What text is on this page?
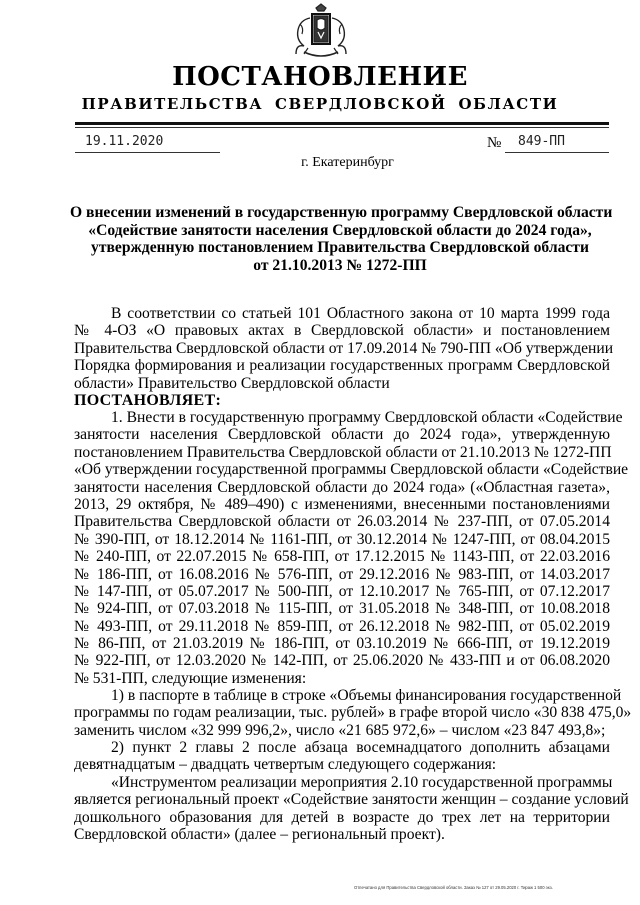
ПОСТАНОВЛЕНИЕ
ПРАВИТЕЛЬСТВА СВЕРДЛОВСКОЙ ОБЛАСТИ
19.11.2020	№ 849-ПП
г. Екатеринбург
О внесении изменений в государственную программу Свердловской области
«Содействие занятости населения Свердловской области до 2024 года»,
утвержденную постановлением Правительства Свердловской области
от 21.10.2013 № 1272-ПП
В соответствии со статьей 101 Областного закона от 10 марта 1999 года
№ 4-ОЗ «О правовых актах в Свердловской области» и постановлением
Правительства Свердловской области от 17.09.2014 № 790-ПП «Об утверждении
Порядка формирования и реализации государственных программ Свердловской
области» Правительство Свердловской области
ПОСТАНОВЛЯЕТ:
1. Внести в государственную программу Свердловской области «Содействие
занятости населения Свердловской области до 2024 года», утвержденную
постановлением Правительства Свердловской области от 21.10.2013 № 1272-ПП
«Об утверждении государственной программы Свердловской области «Содействие
занятости населения Свердловской области до 2024 года» («Областная газета»,
2013, 29 октября, № 489–490) с изменениями, внесенными постановлениями
Правительства Свердловской области от 26.03.2014 № 237-ПП, от 07.05.2014
№ 390-ПП, от 18.12.2014 № 1161-ПП, от 30.12.2014 № 1247-ПП, от 08.04.2015
№ 240-ПП, от 22.07.2015 № 658-ПП, от 17.12.2015 № 1143-ПП, от 22.03.2016
№ 186-ПП, от 16.08.2016 № 576-ПП, от 29.12.2016 № 983-ПП, от 14.03.2017
№ 147-ПП, от 05.07.2017 № 500-ПП, от 12.10.2017 № 765-ПП, от 07.12.2017
№ 924-ПП, от 07.03.2018 № 115-ПП, от 31.05.2018 № 348-ПП, от 10.08.2018
№ 493-ПП, от 29.11.2018 № 859-ПП, от 26.12.2018 № 982-ПП, от 05.02.2019
№ 86-ПП, от 21.03.2019 № 186-ПП, от 03.10.2019 № 666-ПП, от 19.12.2019
№ 922-ПП, от 12.03.2020 № 142-ПП, от 25.06.2020 № 433-ПП и от 06.08.2020
№ 531-ПП, следующие изменения:
1) в паспорте в таблице в строке «Объемы финансирования государственной
программы по годам реализации, тыс. рублей» в графе второй число «30 838 475,0»
заменить числом «32 999 996,2», число «21 685 972,6» – числом «23 847 493,8»;
2) пункт 2 главы 2 после абзаца восемнадцатого дополнить абзацами
девятнадцатым – двадцать четвертым следующего содержания:
«Инструментом реализации мероприятия 2.10 государственной программы
является региональный проект «Содействие занятости женщин – создание условий
дошкольного образования для детей в возрасте до трех лет на территории
Свердловской области» (далее – региональный проект).
Отпечатано для Правительства Свердловской области. Заказ № 127 от 29.05.2020 г. Тираж 1 500 экз.
